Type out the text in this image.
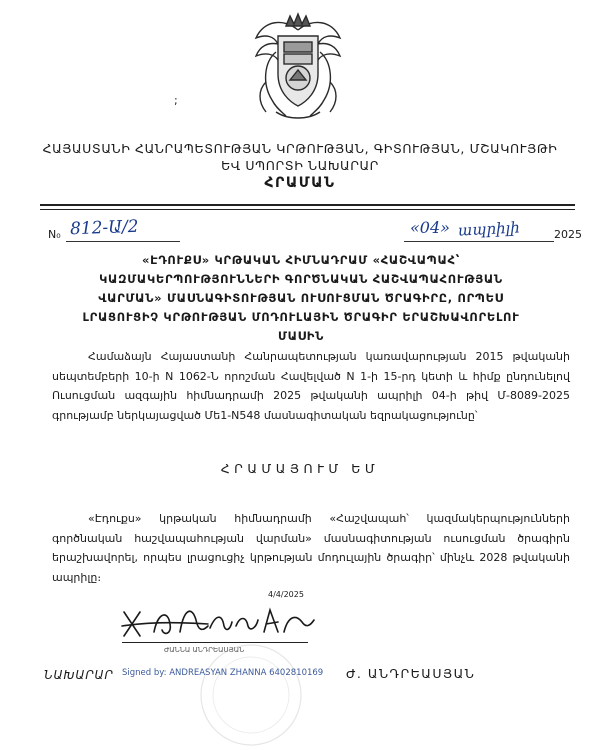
;
ՀԱՅԱՍՏԱՆԻ ՀԱՆՐԱՊԵՏՈՒԹՅԱՆ ԿՐԹՈՒԹՅԱՆ, ԳԻՏՈՒԹՅԱՆ, ՄՇԱԿՈՒՅԹԻ ԵՎ ՍՊՈՐՏԻ ՆԱԽԱՐԱՐ
ՀՐԱՄԱՆ
N₀ 812-Ա/2	«04» ապրիլի	2025
«ԷԴՈՒՔՍ» ԿՐԹԱԿԱՆ ՀԻՄՆԱԴՐԱՄ «ՀԱՇՎԱՊԱՀ՝ ԿԱԶՄԱԿԵՐՊՈՒԹՅՈՒՆՆԵՐԻ ԳՈՐԾՆԱԿԱՆ ՀԱՇՎԱՊԱՀՈՒԹՅԱՆ ՎԱՐՄԱՆ» ՄԱՍՆԱԳԻՏՈՒԹՅԱՆ ՈՒՍՈՒՑՄԱՆ ԾՐԱԳԻՐԸ, ՈՐՊԵՍ ԼՐԱՑՈՒՑԻՉ ԿՐԹՈՒԹՅԱՆ ՄՈԴՈՒԼԱՅԻՆ ԾՐԱԳԻՐ ԵՐԱՇԽԱՎՈՐԵԼՈՒ ՄԱՍԻՆ
Համաձայն Հայաստանի Հանրապետության կառավարության 2015 թվականի սեպտեմբերի 10-ի N 1062-Ն որոշման Հավելված N 1-ի 15-րդ կետի և հիմք ընդունելով Ուսուցման ազգային հիմնադրամի 2025 թվականի ապրիլի 04-ի թիվ Մ-8089-2025 գրությամբ ներկայացված Մե1-N548 մասնագիտական եզրակացությունը՝
ՀՐԱՄԱՅՈՒՄ ԵՄ
«Էդուքս» կրթական հիմնադրամի «Հաշվապահ՝ կազմակերպությունների գործնական հաշվապահության վարման» մասնագիտության ուսուցման ծրագիրն երաշխավորել, որպես լրացուցիչ կրթության մոդուլային ծրագիր՝ մինչև 2028 թվականի ապրիլը։
4/4/2025
ԺԱՆՆԱ ԱՆԴՐԵԱՍՅԱՆ
ՆԱԽԱՐԱՐ Signed by: ANDREASYAN ZHANNA 6402810169 Ժ. ԱՆԴՐԵԱՍՅԱՆ
